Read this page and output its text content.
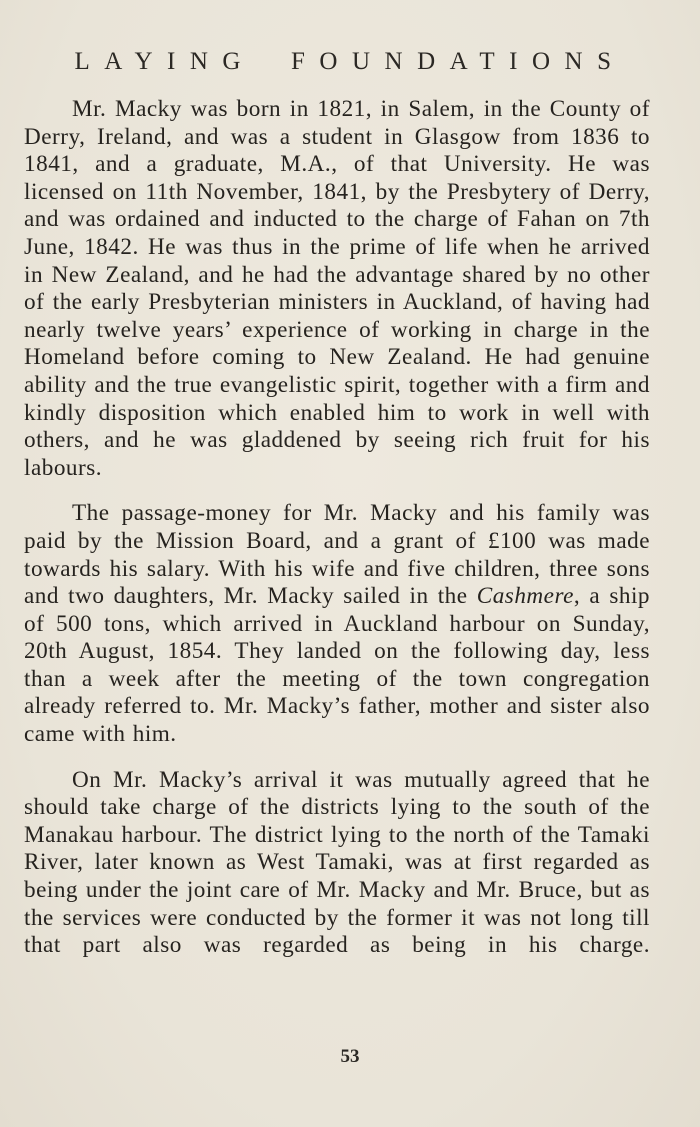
LAYING FOUNDATIONS

Mr. Macky was born in 1821, in Salem, in the County of Derry, Ireland, and was a student in Glasgow from 1836 to 1841, and a graduate, M.A., of that University. He was licensed on 11th November, 1841, by the Presbytery of Derry, and was ordained and inducted to the charge of Fahan on 7th June, 1842. He was thus in the prime of life when he arrived in New Zealand, and he had the advantage shared by no other of the early Presbyterian ministers in Auckland, of having had nearly twelve years’ experience of working in charge in the Homeland before coming to New Zealand. He had genuine ability and the true evangelistic spirit, together with a firm and kindly disposition which enabled him to work in well with others, and he was gladdened by seeing rich fruit for his labours.

The passage-money for Mr. Macky and his family was paid by the Mission Board, and a grant of £100 was made towards his salary. With his wife and five children, three sons and two daughters, Mr. Macky sailed in the Cashmere, a ship of 500 tons, which arrived in Auckland harbour on Sunday, 20th August, 1854. They landed on the following day, less than a week after the meeting of the town congregation already referred to. Mr. Macky’s father, mother and sister also came with him.

On Mr. Macky’s arrival it was mutually agreed that he should take charge of the districts lying to the south of the Manakau harbour. The district lying to the north of the Tamaki River, later known as West Tamaki, was at first regarded as being under the joint care of Mr. Macky and Mr. Bruce, but as the services were conducted by the former it was not long till that part also was regarded as being in his charge.

53
